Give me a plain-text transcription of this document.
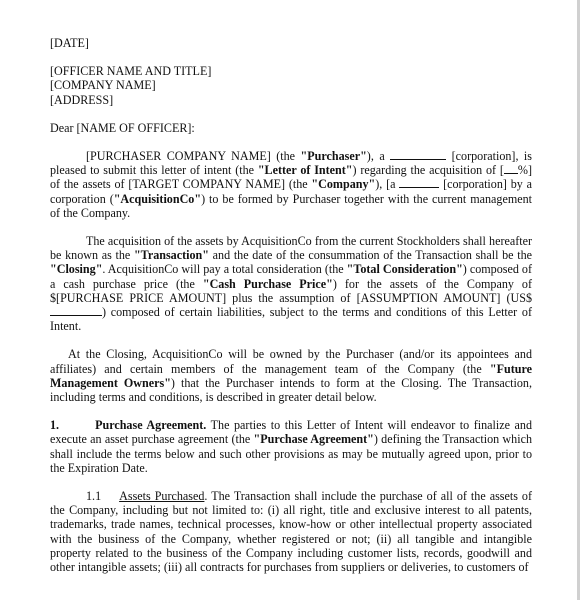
[DATE]

[OFFICER NAME AND TITLE]

[COMPANY NAME]

[ADDRESS]

Dear [NAME OF OFFICER]:

[PURCHASER COMPANY NAME] (the "Purchaser"), a	[corporation], is pleased to submit this letter of intent (the "Letter of Intent") regarding the acquisition of [ %] of the assets of [TARGET COMPANY NAME] (the "Company"), [a	[corporation] by a corporation ("AcquisitionCo") to be formed by Purchaser together with the current management of the Company.

The acquisition of the assets by AcquisitionCo from the current Stockholders shall hereafter be known as the "Transaction" and the date of the consummation of the Transaction shall be the "Closing". AcquisitionCo will pay a total consideration (the "Total Consideration") composed of a cash purchase price (the "Cash Purchase Price") for the assets of the Company of $[PURCHASE PRICE AMOUNT] plus the assumption of [ASSUMPTION AMOUNT] (US$) composed of certain liabilities, subject to the terms and conditions of this Letter of Intent.

At the Closing, AcquisitionCo will be owned by the Purchaser (and/or its appointees and affiliates) and certain members of the management team of the Company (the "Future Management Owners") that the Purchaser intends to form at the Closing. The Transaction, including terms and conditions, is described in greater detail below.

1.	Purchase Agreement. The parties to this Letter of Intent will endeavor to finalize and execute an asset purchase agreement (the "Purchase Agreement") defining the Transaction which shall include the terms below and such other provisions as may be mutually agreed upon, prior to the Expiration Date.

1.1 Assets Purchased. The Transaction shall include the purchase of all of the assets of the Company, including but not limited to: (i) all right, title and exclusive interest to all patents, trademarks, trade names, technical processes, know-how or other intellectual property associated with the business of the Company, whether registered or not; (ii) all tangible and intangible property related to the business of the Company including customer lists, records, goodwill and other intangible assets; (iii) all contracts for purchases from suppliers or deliveries, to customers of
